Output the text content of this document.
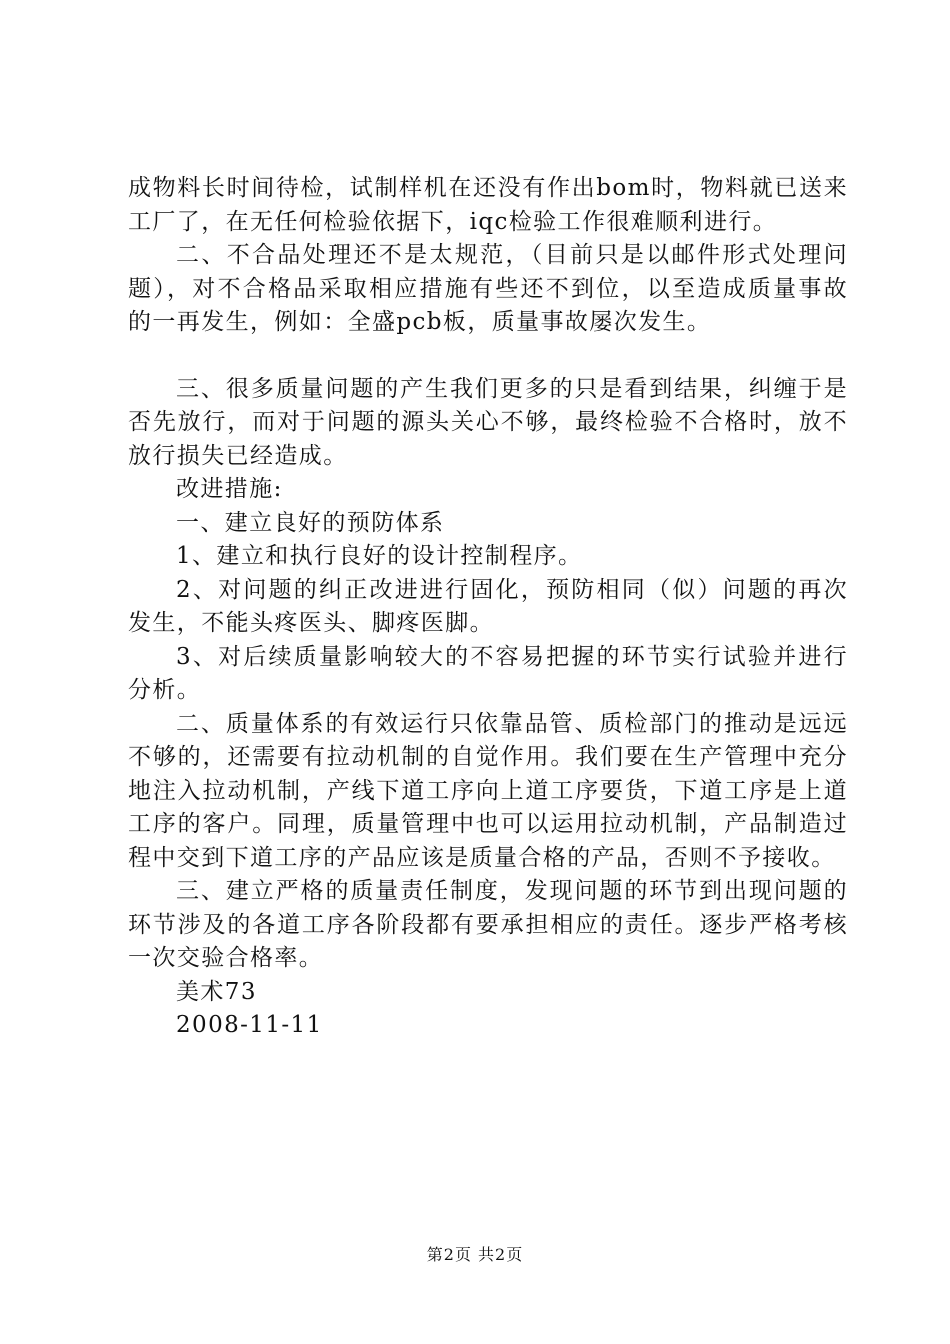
成物料长时间待检，试制样机在还没有作出bom时，物料就已送来工厂了，在无任何检验依据下，iqc检验工作很难顺利进行。

二、不合品处理还不是太规范，（目前只是以邮件形式处理问题），对不合格品采取相应措施有些还不到位，以至造成质量事故的一再发生，例如：全盛pcb板，质量事故屡次发生。

三、很多质量问题的产生我们更多的只是看到结果，纠缠于是否先放行，而对于问题的源头关心不够，最终检验不合格时，放不放行损失已经造成。

改进措施:

一、建立良好的预防体系

1、建立和执行良好的设计控制程序。

2、对问题的纠正改进进行固化，预防相同（似）问题的再次发生，不能头疼医头、脚疼医脚。

3、对后续质量影响较大的不容易把握的环节实行试验并进行分析。

二、质量体系的有效运行只依靠品管、质检部门的推动是远远不够的，还需要有拉动机制的自觉作用。我们要在生产管理中充分地注入拉动机制，产线下道工序向上道工序要货，下道工序是上道工序的客户。同理，质量管理中也可以运用拉动机制，产品制造过程中交到下道工序的产品应该是质量合格的产品，否则不予接收。

三、建立严格的质量责任制度，发现问题的环节到出现问题的环节涉及的各道工序各阶段都有要承担相应的责任。逐步严格考核一次交验合格率。

美术73

2008-11-11

第2页 共2页
